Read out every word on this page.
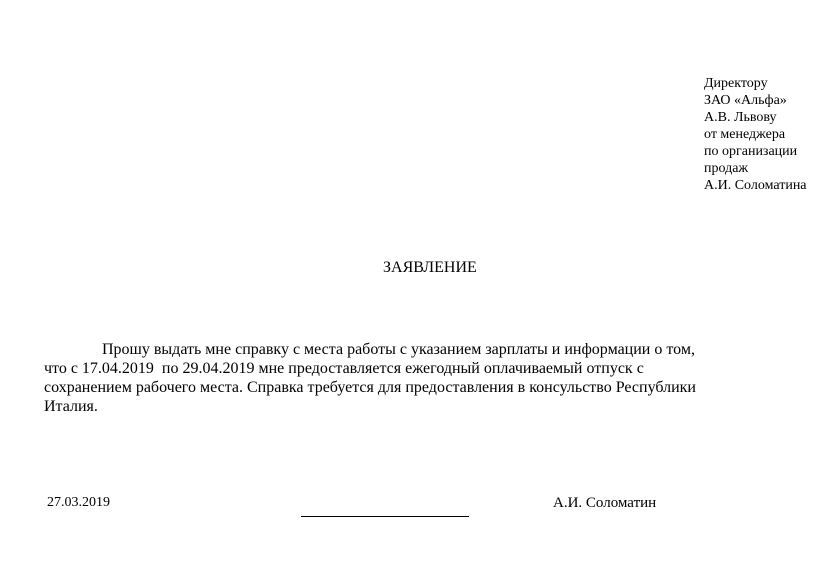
Директору
ЗАО «Альфа»
А.В. Львову
от менеджера
по организации
продаж
А.И. Соломатина
ЗАЯВЛЕНИЕ
Прошу выдать мне справку с места работы с указанием зарплаты и информации о том,
что с 17.04.2019  по 29.04.2019 мне предоставляется ежегодный оплачиваемый отпуск с
сохранением рабочего места. Справка требуется для предоставления в консульство Республики
Италия.
27.03.2019	А.И. Соломатин
